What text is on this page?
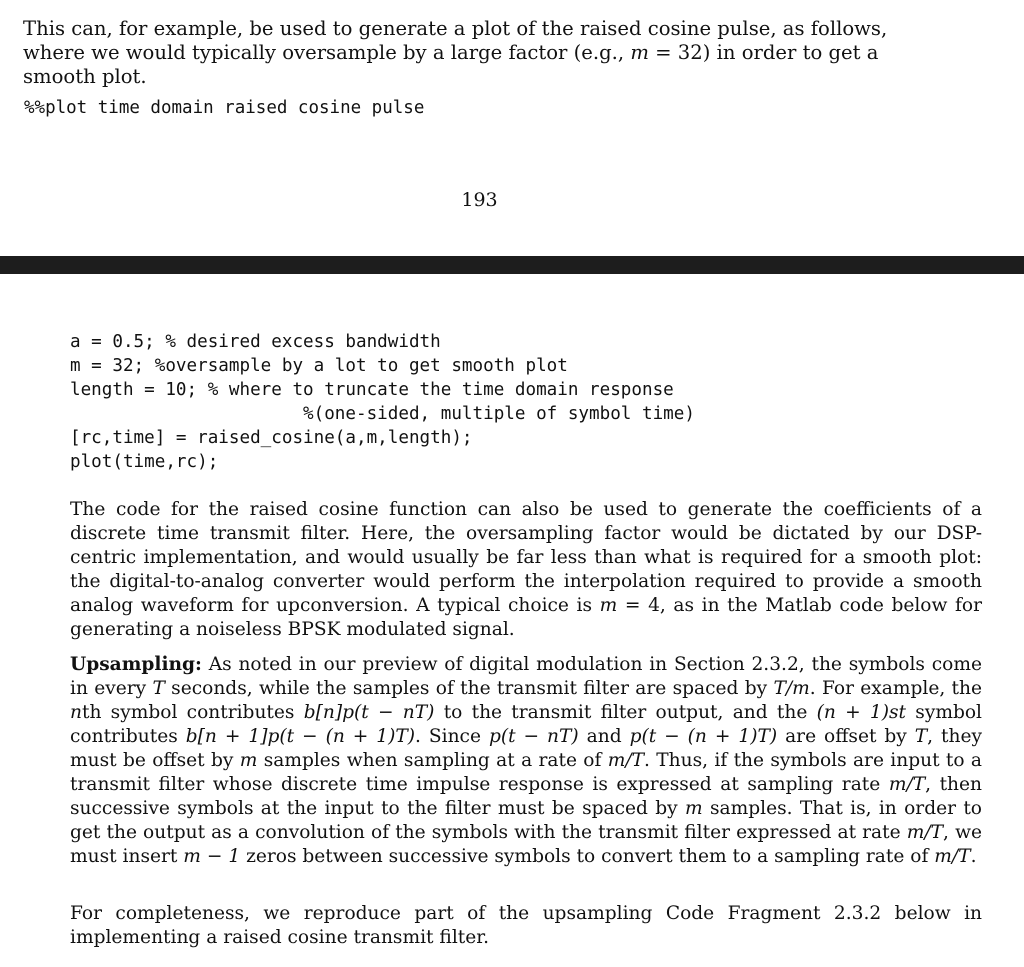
This can, for example, be used to generate a plot of the raised cosine pulse, as follows, where we would typically oversample by a large factor (e.g., m = 32) in order to get a smooth plot.

%%plot time domain raised cosine pulse
193
a = 0.5; % desired excess bandwidth
m = 32; %oversample by a lot to get smooth plot
length = 10; % where to truncate the time domain response
%(one-sided, multiple of symbol time)
[rc,time] = raised_cosine(a,m,length);
plot(time,rc);

The code for the raised cosine function can also be used to generate the coefficients of a discrete time transmit filter. Here, the oversampling factor would be dictated by our DSP-centric implementation, and would usually be far less than what is required for a smooth plot: the digital-to-analog converter would perform the interpolation required to provide a smooth analog waveform for upconversion. A typical choice is m = 4, as in the Matlab code below for generating a noiseless BPSK modulated signal.

Upsampling: As noted in our preview of digital modulation in Section 2.3.2, the symbols come in every T seconds, while the samples of the transmit filter are spaced by T/m. For example, the nth symbol contributes b[n]p(t − nT) to the transmit filter output, and the (n + 1)st symbol contributes b[n + 1]p(t − (n + 1)T). Since p(t − nT) and p(t − (n + 1)T) are offset by T, they must be offset by m samples when sampling at a rate of m/T. Thus, if the symbols are input to a transmit filter whose discrete time impulse response is expressed at sampling rate m/T, then successive symbols at the input to the filter must be spaced by m samples. That is, in order to get the output as a convolution of the symbols with the transmit filter expressed at rate m/T, we must insert m − 1 zeros between successive symbols to convert them to a sampling rate of m/T.

For completeness, we reproduce part of the upsampling Code Fragment 2.3.2 below in implementing a raised cosine transmit filter.
